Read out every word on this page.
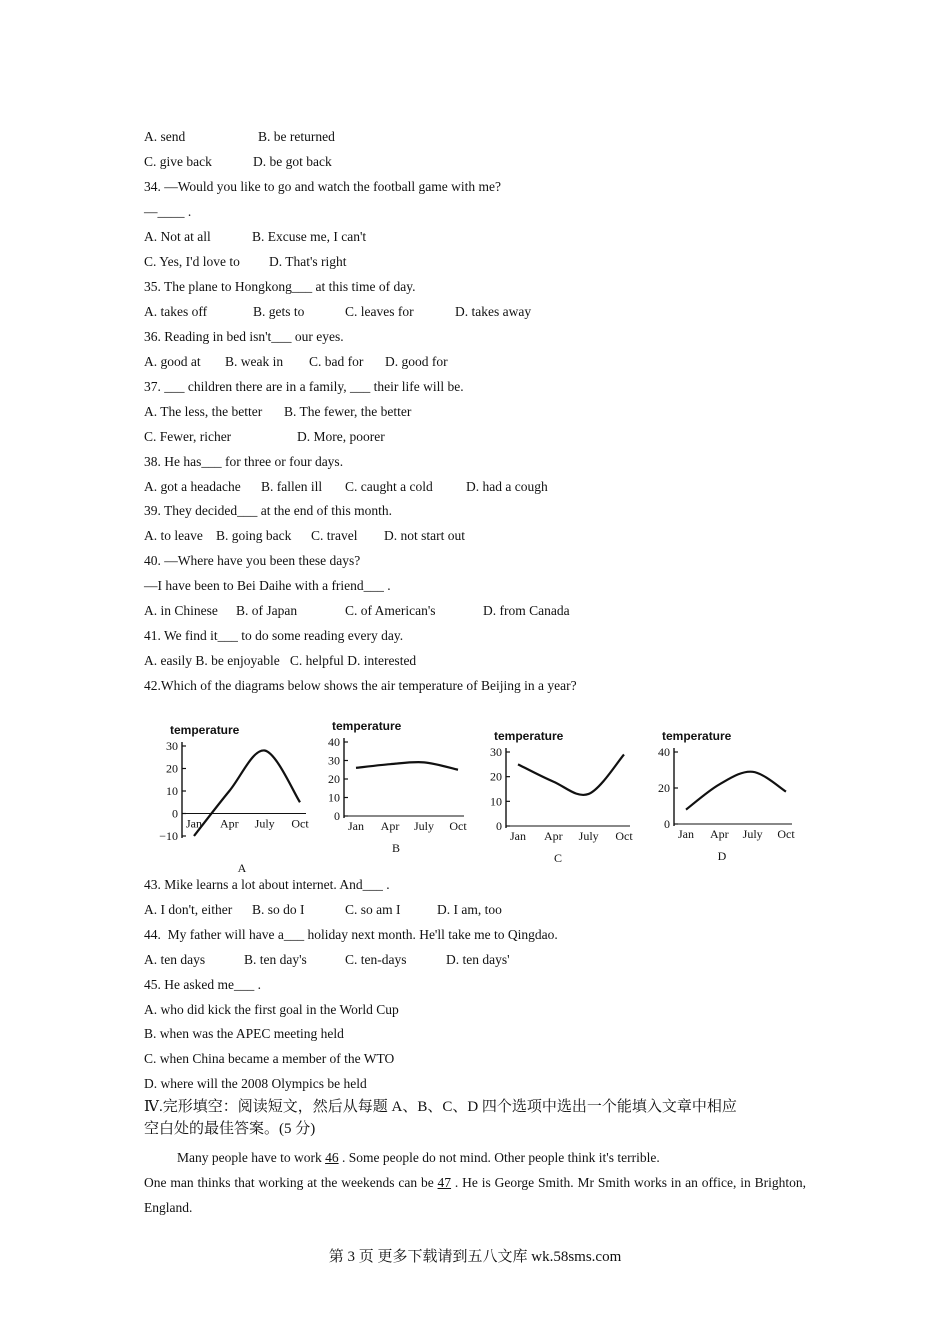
A. send	B. be returned
C. give back	D. be got back
34. —Would you like to go and watch the football game with me?
—____ .
A. Not at all	B. Excuse me, I can't
C. Yes, I'd love to D. That's right
35. The plane to Hongkong___ at this time of day.
A. takes off	B. gets to	C. leaves for	D. takes away
36. Reading in bed isn't___ our eyes.
A. good at B. weak in C. bad for D. good for
37. ___ children there are in a family, ___ their life will be.
A. The less, the better B. The fewer, the better
C. Fewer, richer	D. More, poorer
38. He has___ for three or four days.
A. got a headache B. fallen ill C. caught a cold D. had a cough
39. They decided___ at the end of this month.
A. to leave B. going back C. travel D. not start out
40. —Where have you been these days?
—I have been to Bei Daihe with a friend___ .
A. in Chinese B. of Japan	C. of American's	D. from Canada
41. We find it___ to do some reading every day.
A. easily B. be enjoyable   C. helpful D. interested
42.Which of the diagrams below shows the air temperature of Beijing in a year?
temperature
30
20
10
0
−10
Jan Apr July Oct
A
temperature
40
30
20
10
0
Jan Apr July Oct
B
temperature
30
20
10
0
Jan Apr July Oct
C
temperature
40
20
0
Jan Apr July Oct
D
43. Mike learns a lot about internet. And___ .
A. I don't, either B. so do I	C. so am I	D. I am, too
44.  My father will have a___ holiday next month. He'll take me to Qingdao.
A. ten days	B. ten day's	C. ten-days	D. ten days'
45. He asked me___ .
A. who did kick the first goal in the World Cup
B. when was the APEC meeting held
C. when China became a member of the WTO
D. where will the 2008 Olympics be held
Ⅳ.完形填空：阅读短文，然后从每题 A、B、C、D 四个选项中选出一个能填入文章中相应
空白处的最佳答案。(5 分)
Many people have to work 46 . Some people do not mind. Other people think it's terrible.
One man thinks that working at the weekends can be 47 . He is George Smith. Mr Smith works in an office, in Brighton, England.
第 3 页 更多下载请到五八文库 wk.58sms.com
